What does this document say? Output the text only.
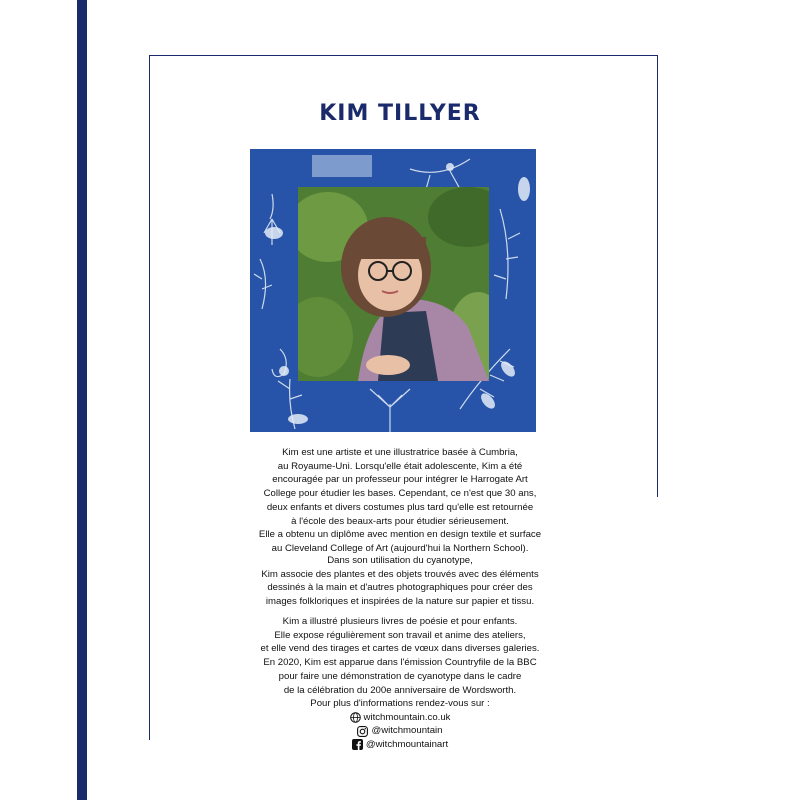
KIM TILLYER

Kim est une artiste et une illustratrice basée à Cumbria,

au Royaume-Uni. Lorsqu'elle était adolescente, Kim a été

encouragée par un professeur pour intégrer le Harrogate Art

College pour étudier les bases. Cependant, ce n'est que 30 ans,

deux enfants et divers costumes plus tard qu'elle est retournée

à l'école des beaux-arts pour étudier sérieusement.

Elle a obtenu un diplôme avec mention en design textile et surface

au Cleveland College of Art (aujourd'hui la Northern School).

Dans son utilisation du cyanotype,

Kim associe des plantes et des objets trouvés avec des éléments

dessinés à la main et d'autres photographiques pour créer des

images folkloriques et inspirées de la nature sur papier et tissu.

Kim a illustré plusieurs livres de poésie et pour enfants.

Elle expose régulièrement son travail et anime des ateliers,

et elle vend des tirages et cartes de vœux dans diverses galeries.

En 2020, Kim est apparue dans l'émission Countryfile de la BBC

pour faire une démonstration de cyanotype dans le cadre

de la célébration du 200e anniversaire de Wordsworth.

Pour plus d'informations rendez-vous sur :

witchmountain.co.uk
@witchmountain
@witchmountainart
